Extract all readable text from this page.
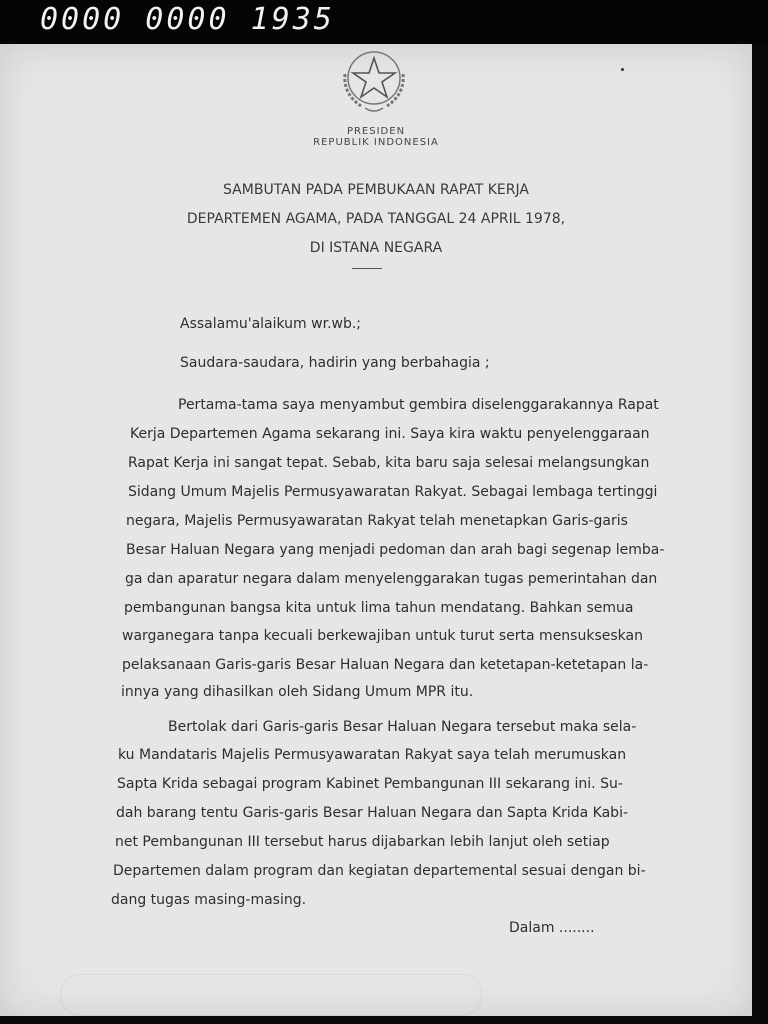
0000 0000 1935
PRESIDEN
REPUBLIK INDONESIA
SAMBUTAN PADA PEMBUKAAN RAPAT KERJA
DEPARTEMEN AGAMA, PADA TANGGAL 24 APRIL 1978,
DI ISTANA NEGARA
Assalamu'alaikum wr.wb.;
Saudara-saudara, hadirin yang berbahagia ;
Pertama-tama saya menyambut gembira diselenggarakannya Rapat
Kerja Departemen Agama sekarang ini. Saya kira waktu penyelenggaraan
Rapat Kerja ini sangat tepat. Sebab, kita baru saja selesai melangsungkan
Sidang Umum Majelis Permusyawaratan Rakyat. Sebagai lembaga tertinggi
negara, Majelis Permusyawaratan Rakyat telah menetapkan Garis-garis
Besar Haluan Negara yang menjadi pedoman dan arah bagi segenap lemba-
ga dan aparatur negara dalam menyelenggarakan tugas pemerintahan dan
pembangunan bangsa kita untuk lima tahun mendatang. Bahkan semua
warganegara tanpa kecuali berkewajiban untuk turut serta mensukseskan
pelaksanaan Garis-garis Besar Haluan Negara dan ketetapan-ketetapan la-
innya yang dihasilkan oleh Sidang Umum MPR itu.
Bertolak dari Garis-garis Besar Haluan Negara tersebut maka sela-
ku Mandataris Majelis Permusyawaratan Rakyat saya telah merumuskan
Sapta Krida sebagai program Kabinet Pembangunan III sekarang ini. Su-
dah barang tentu Garis-garis Besar Haluan Negara dan Sapta Krida Kabi-
net Pembangunan III tersebut harus dijabarkan lebih lanjut oleh setiap
Departemen dalam program dan kegiatan departemental sesuai dengan bi-
dang tugas masing-masing.
Dalam ........
